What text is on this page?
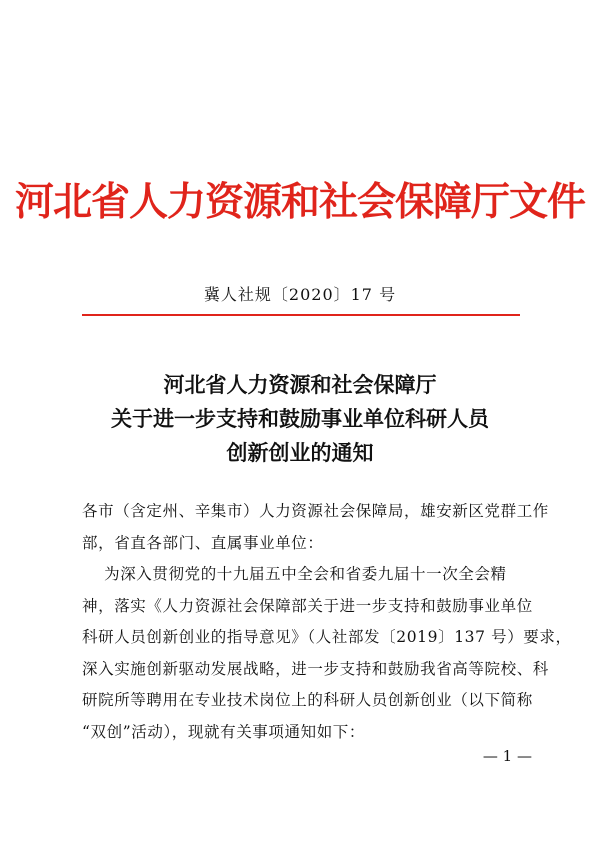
河北省人力资源和社会保障厅文件
冀人社规〔2020〕17 号
河北省人力资源和社会保障厅
关于进一步支持和鼓励事业单位科研人员
创新创业的通知
各市（含定州、辛集市）人力资源社会保障局，雄安新区党群工作
部，省直各部门、直属事业单位：
为深入贯彻党的十九届五中全会和省委九届十一次全会精
神，落实《人力资源社会保障部关于进一步支持和鼓励事业单位
科研人员创新创业的指导意见》（人社部发〔2019〕137 号）要求，
深入实施创新驱动发展战略，进一步支持和鼓励我省高等院校、科
研院所等聘用在专业技术岗位上的科研人员创新创业（以下简称
“双创”活动），现就有关事项通知如下：
— 1 —
